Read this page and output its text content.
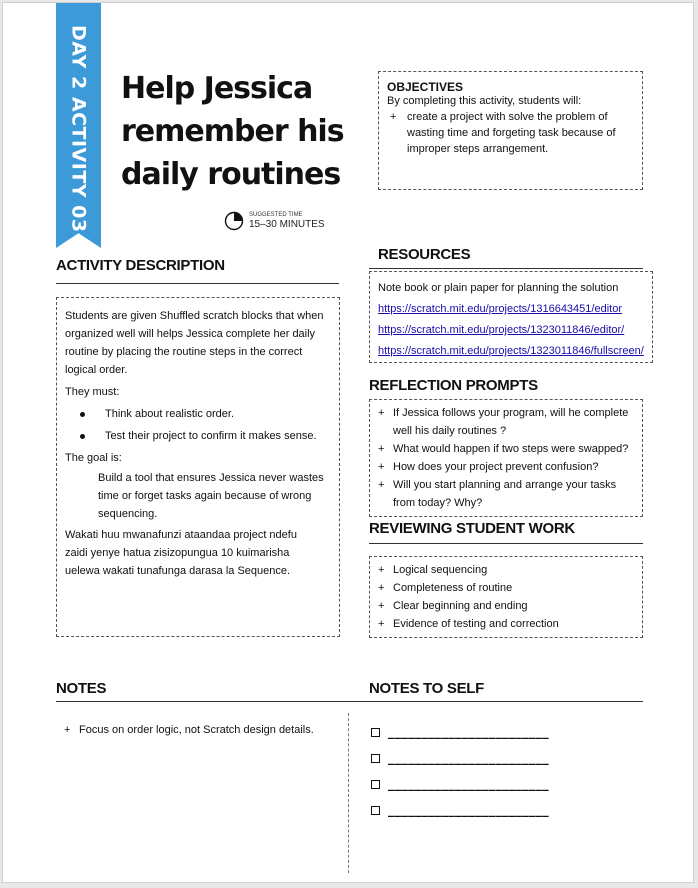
DAY 2 ACTIVITY 03	Help Jessica remember his daily routines
SUGGESTED TIME
15–30 MINUTES

OBJECTIVES

By completing this activity, students will:

+ create a project with solve the problem of wasting time and forgeting task because of improper steps arrangement.
ACTIVITY DESCRIPTION

Students are given Shuffled scratch blocks that when organized well will helps Jessica complete her daily routine by placing the routine steps in the correct logical order.

They must:

Think about realistic order.
Test their project to confirm it makes sense.

The goal is:

Build a tool that ensures Jessica never wastes time or forget tasks again because of wrong sequencing.

Wakati huu mwanafunzi ataandaa project ndefu zaidi yenye hatua zisizopungua 10 kuimarisha uelewa wakati tunafunga darasa la Sequence.

RESOURCES
Note book or plain paper for planning the solution
https://scratch.mit.edu/projects/1316643451/editor
https://scratch.mit.edu/projects/1323011846/editor/
https://scratch.mit.edu/projects/1323011846/fullscreen/
REFLECTION PROMPTS
+ If Jessica follows your program, will he complete well his daily routines ?
+ What would happen if two steps were swapped?
+ How does your project prevent confusion?
+ Will you start planning and arrange your tasks from today? Why?
REVIEWING STUDENT WORK
+ Logical sequencing
+ Completeness of routine
+ Clear beginning and ending
+ Evidence of testing and correction
NOTES
+ Focus on order logic, not Scratch design details.
NOTES TO SELF
________________________
________________________
________________________
________________________
